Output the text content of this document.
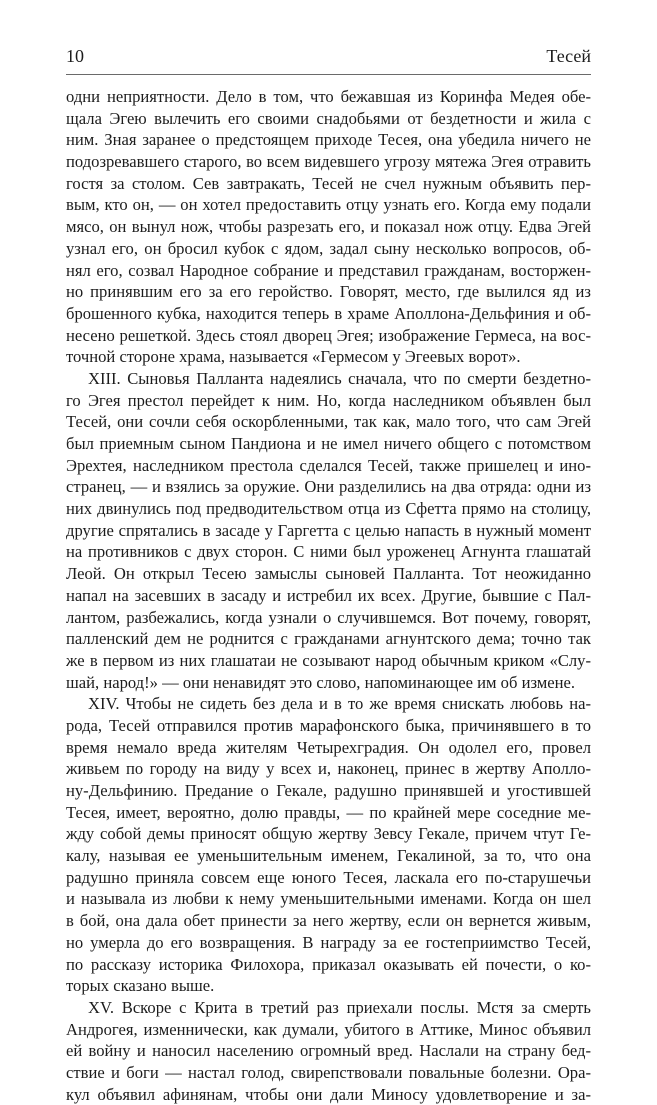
10	Тесей
одни неприятности. Дело в том, что бежавшая из Коринфа Медея обе-
щала Эгею вылечить его своими снадобьями от бездетности и жила с
ним. Зная заранее о предстоящем приходе Тесея, она убедила ничего не
подозревавшего старого, во всем видевшего угрозу мятежа Эгея отравить
гостя за столом. Сев завтракать, Тесей не счел нужным объявить пер-
вым, кто он, — он хотел предоставить отцу узнать его. Когда ему подали
мясо, он вынул нож, чтобы разрезать его, и показал нож отцу. Едва Эгей
узнал его, он бросил кубок с ядом, задал сыну несколько вопросов, об-
нял его, созвал Народное собрание и представил гражданам, восторжен-
но принявшим его за его геройство. Говорят, место, где вылился яд из
брошенного кубка, находится теперь в храме Аполлона-Дельфиния и об-
несено решеткой. Здесь стоял дворец Эгея; изображение Гермеса, на вос-
точной стороне храма, называется «Гермесом у Эгеевых ворот».
XIII. Сыновья Палланта надеялись сначала, что по смерти бездетно-
го Эгея престол перейдет к ним. Но, когда наследником объявлен был
Тесей, они сочли себя оскорбленными, так как, мало того, что сам Эгей
был приемным сыном Пандиона и не имел ничего общего с потомством
Эрехтея, наследником престола сделался Тесей, также пришелец и ино-
странец, — и взялись за оружие. Они разделились на два отряда: одни из
них двинулись под предводительством отца из Сфетта прямо на столицу,
другие спрятались в засаде у Гаргетта с целью напасть в нужный момент
на противников с двух сторон. С ними был уроженец Агнунта глашатай
Леой. Он открыл Тесею замыслы сыновей Палланта. Тот неожиданно
напал на засевших в засаду и истребил их всех. Другие, бывшие с Пал-
лантом, разбежались, когда узнали о случившемся. Вот почему, говорят,
палленский дем не роднится с гражданами агнунтского дема; точно так
же в первом из них глашатаи не созывают народ обычным криком «Слу-
шай, народ!» — они ненавидят это слово, напоминающее им об измене.
XIV. Чтобы не сидеть без дела и в то же время снискать любовь на-
рода, Тесей отправился против марафонского быка, причинявшего в то
время немало вреда жителям Четырехградия. Он одолел его, провел
живьем по городу на виду у всех и, наконец, принес в жертву Аполло-
ну-Дельфинию. Предание о Гекале, радушно принявшей и угостившей
Тесея, имеет, вероятно, долю правды, — по крайней мере соседние ме-
жду собой демы приносят общую жертву Зевсу Гекале, причем чтут Ге-
калу, называя ее уменьшительным именем, Гекалиной, за то, что она
радушно приняла совсем еще юного Тесея, ласкала его по-старушечьи
и называла из любви к нему уменьшительными именами. Когда он шел
в бой, она дала обет принести за него жертву, если он вернется живым,
но умерла до его возвращения. В награду за ее гостеприимство Тесей,
по рассказу историка Филохора, приказал оказывать ей почести, о ко-
торых сказано выше.
XV. Вскоре с Крита в третий раз приехали послы. Мстя за смерть
Андрогея, изменнически, как думали, убитого в Аттике, Минос объявил
ей войну и наносил населению огромный вред. Наслали на страну бед-
ствие и боги — настал голод, свирепствовали повальные болезни. Ора-
кул объявил афинянам, чтобы они дали Миносу удовлетворение и за-
